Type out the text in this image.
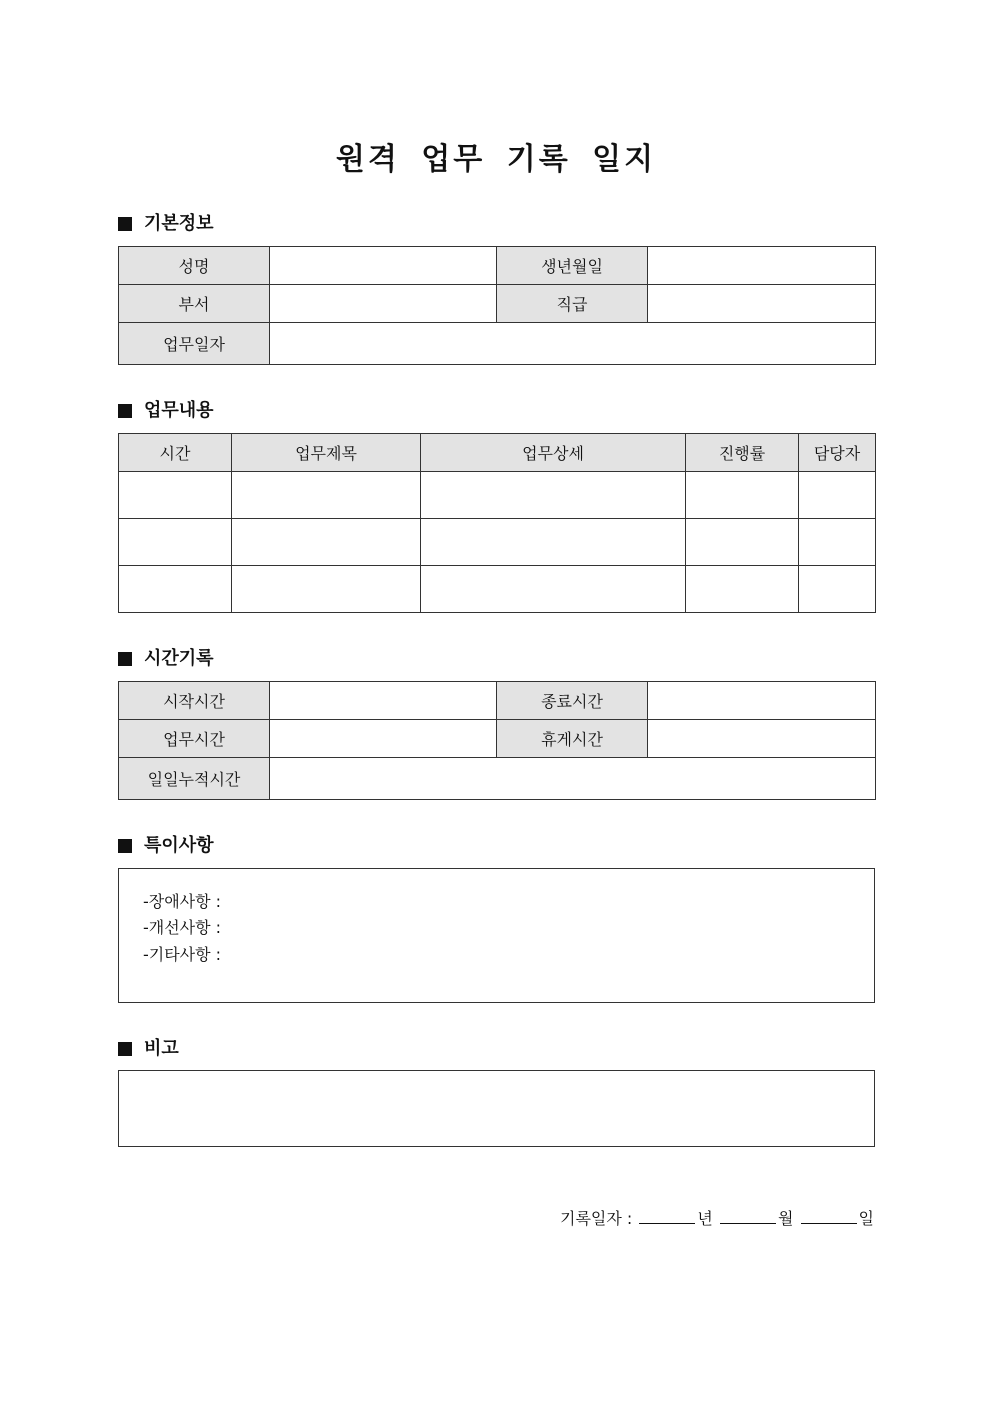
원격 업무 기록 일지
기본정보
성명		생년월일	
부서		직급	
업무일자			
업무내용
시간	업무제목	업무상세	진행률	담당자

시간기록
시작시간		종료시간	
업무시간		휴게시간	
일일누적시간			
특이사항
-장애사항 :
-개선사항 :
-기타사항 :
비고
기록일자 :	년	월	일
